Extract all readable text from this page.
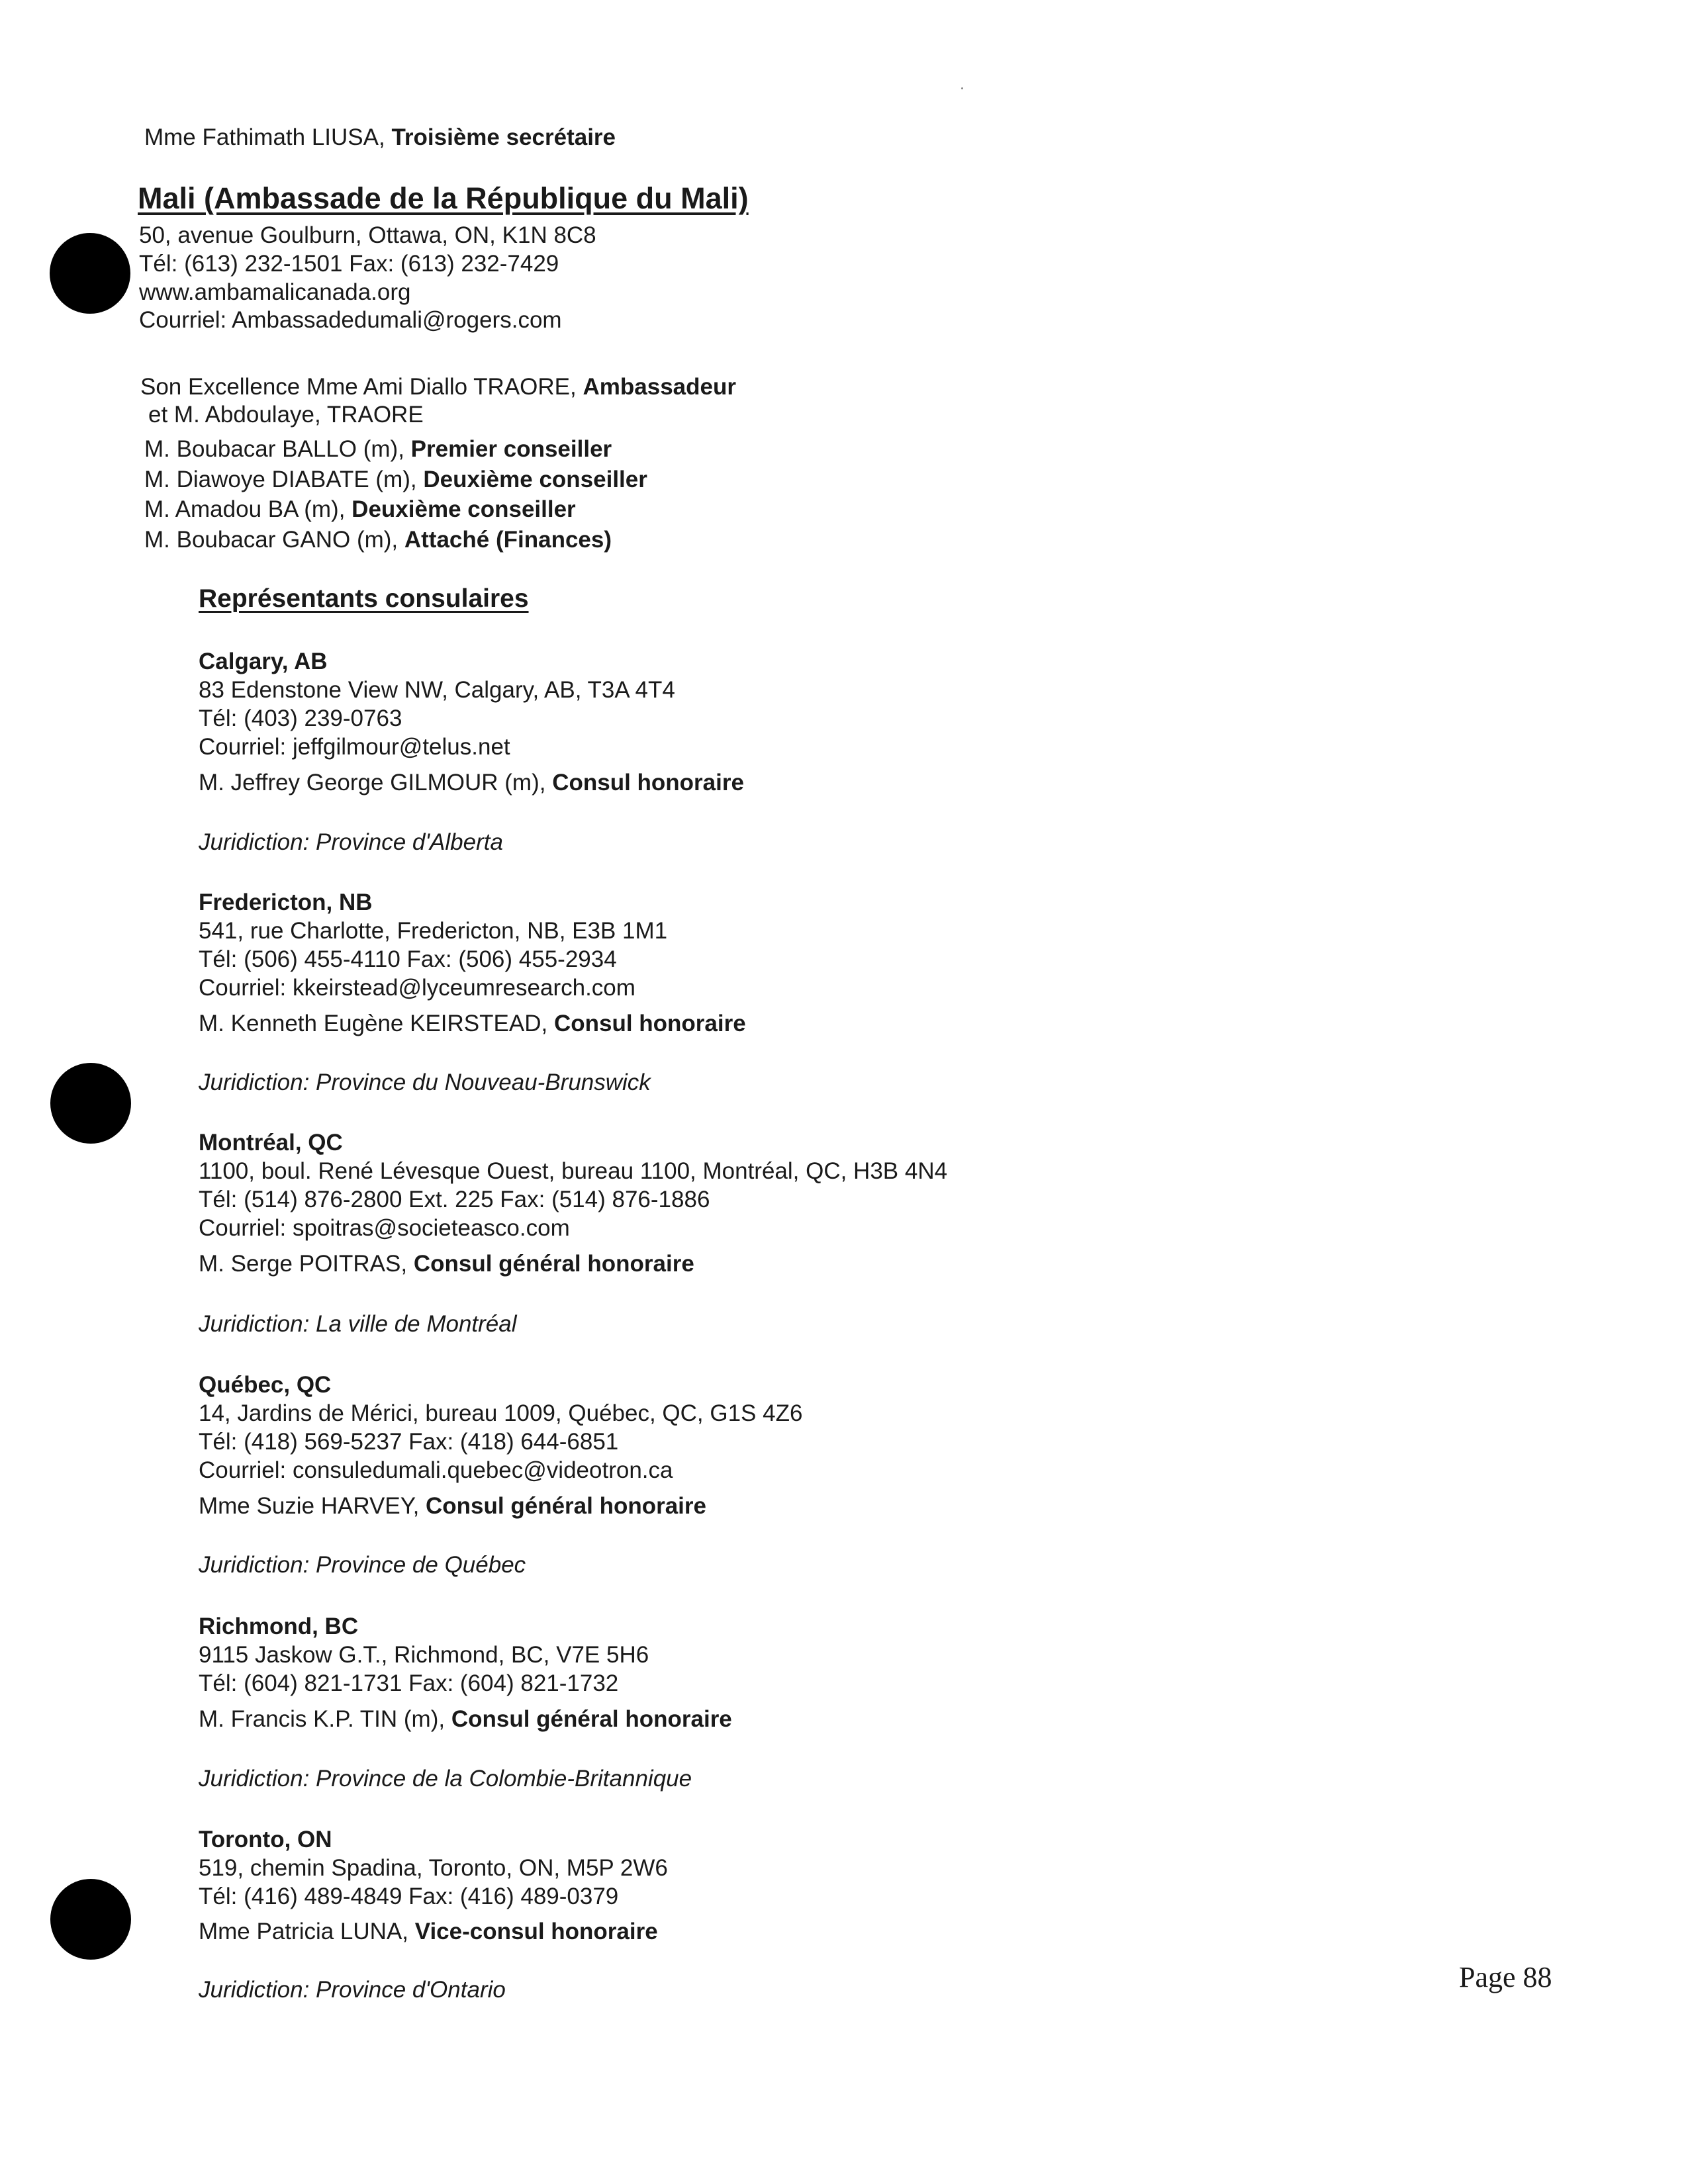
Mme Fathimath LIUSA, Troisième secrétaire
Mali (Ambassade de la République du Mali)
50, avenue Goulburn, Ottawa, ON, K1N 8C8
Tél: (613) 232-1501 Fax: (613) 232-7429
www.ambamalicanada.org
Courriel: Ambassadedumali@rogers.com
Son Excellence Mme Ami Diallo TRAORE, Ambassadeur
et M. Abdoulaye, TRAORE
M. Boubacar BALLO (m), Premier conseiller
M. Diawoye DIABATE (m), Deuxième conseiller
M. Amadou BA (m), Deuxième conseiller
M. Boubacar GANO (m), Attaché (Finances)
Représentants consulaires
Calgary, AB
83 Edenstone View NW, Calgary, AB, T3A 4T4
Tél: (403) 239-0763
Courriel: jeffgilmour@telus.net
M. Jeffrey George GILMOUR (m), Consul honoraire
Juridiction: Province d'Alberta
Fredericton, NB
541, rue Charlotte, Fredericton, NB, E3B 1M1
Tél: (506) 455-4110 Fax: (506) 455-2934
Courriel: kkeirstead@lyceumresearch.com
M. Kenneth Eugène KEIRSTEAD, Consul honoraire
Juridiction: Province du Nouveau-Brunswick
Montréal, QC
1100, boul. René Lévesque Ouest, bureau 1100, Montréal, QC, H3B 4N4
Tél: (514) 876-2800 Ext. 225 Fax: (514) 876-1886
Courriel: spoitras@societeasco.com
M. Serge POITRAS, Consul général honoraire
Juridiction: La ville de Montréal
Québec, QC
14, Jardins de Mérici, bureau 1009, Québec, QC, G1S 4Z6
Tél: (418) 569-5237 Fax: (418) 644-6851
Courriel: consuledumali.quebec@videotron.ca
Mme Suzie HARVEY, Consul général honoraire
Juridiction: Province de Québec
Richmond, BC
9115 Jaskow G.T., Richmond, BC, V7E 5H6
Tél: (604) 821-1731 Fax: (604) 821-1732
M. Francis K.P. TIN (m), Consul général honoraire
Juridiction: Province de la Colombie-Britannique
Toronto, ON
519, chemin Spadina, Toronto, ON, M5P 2W6
Tél: (416) 489-4849 Fax: (416) 489-0379
Mme Patricia LUNA, Vice-consul honoraire
Juridiction: Province d'Ontario	Page 88
